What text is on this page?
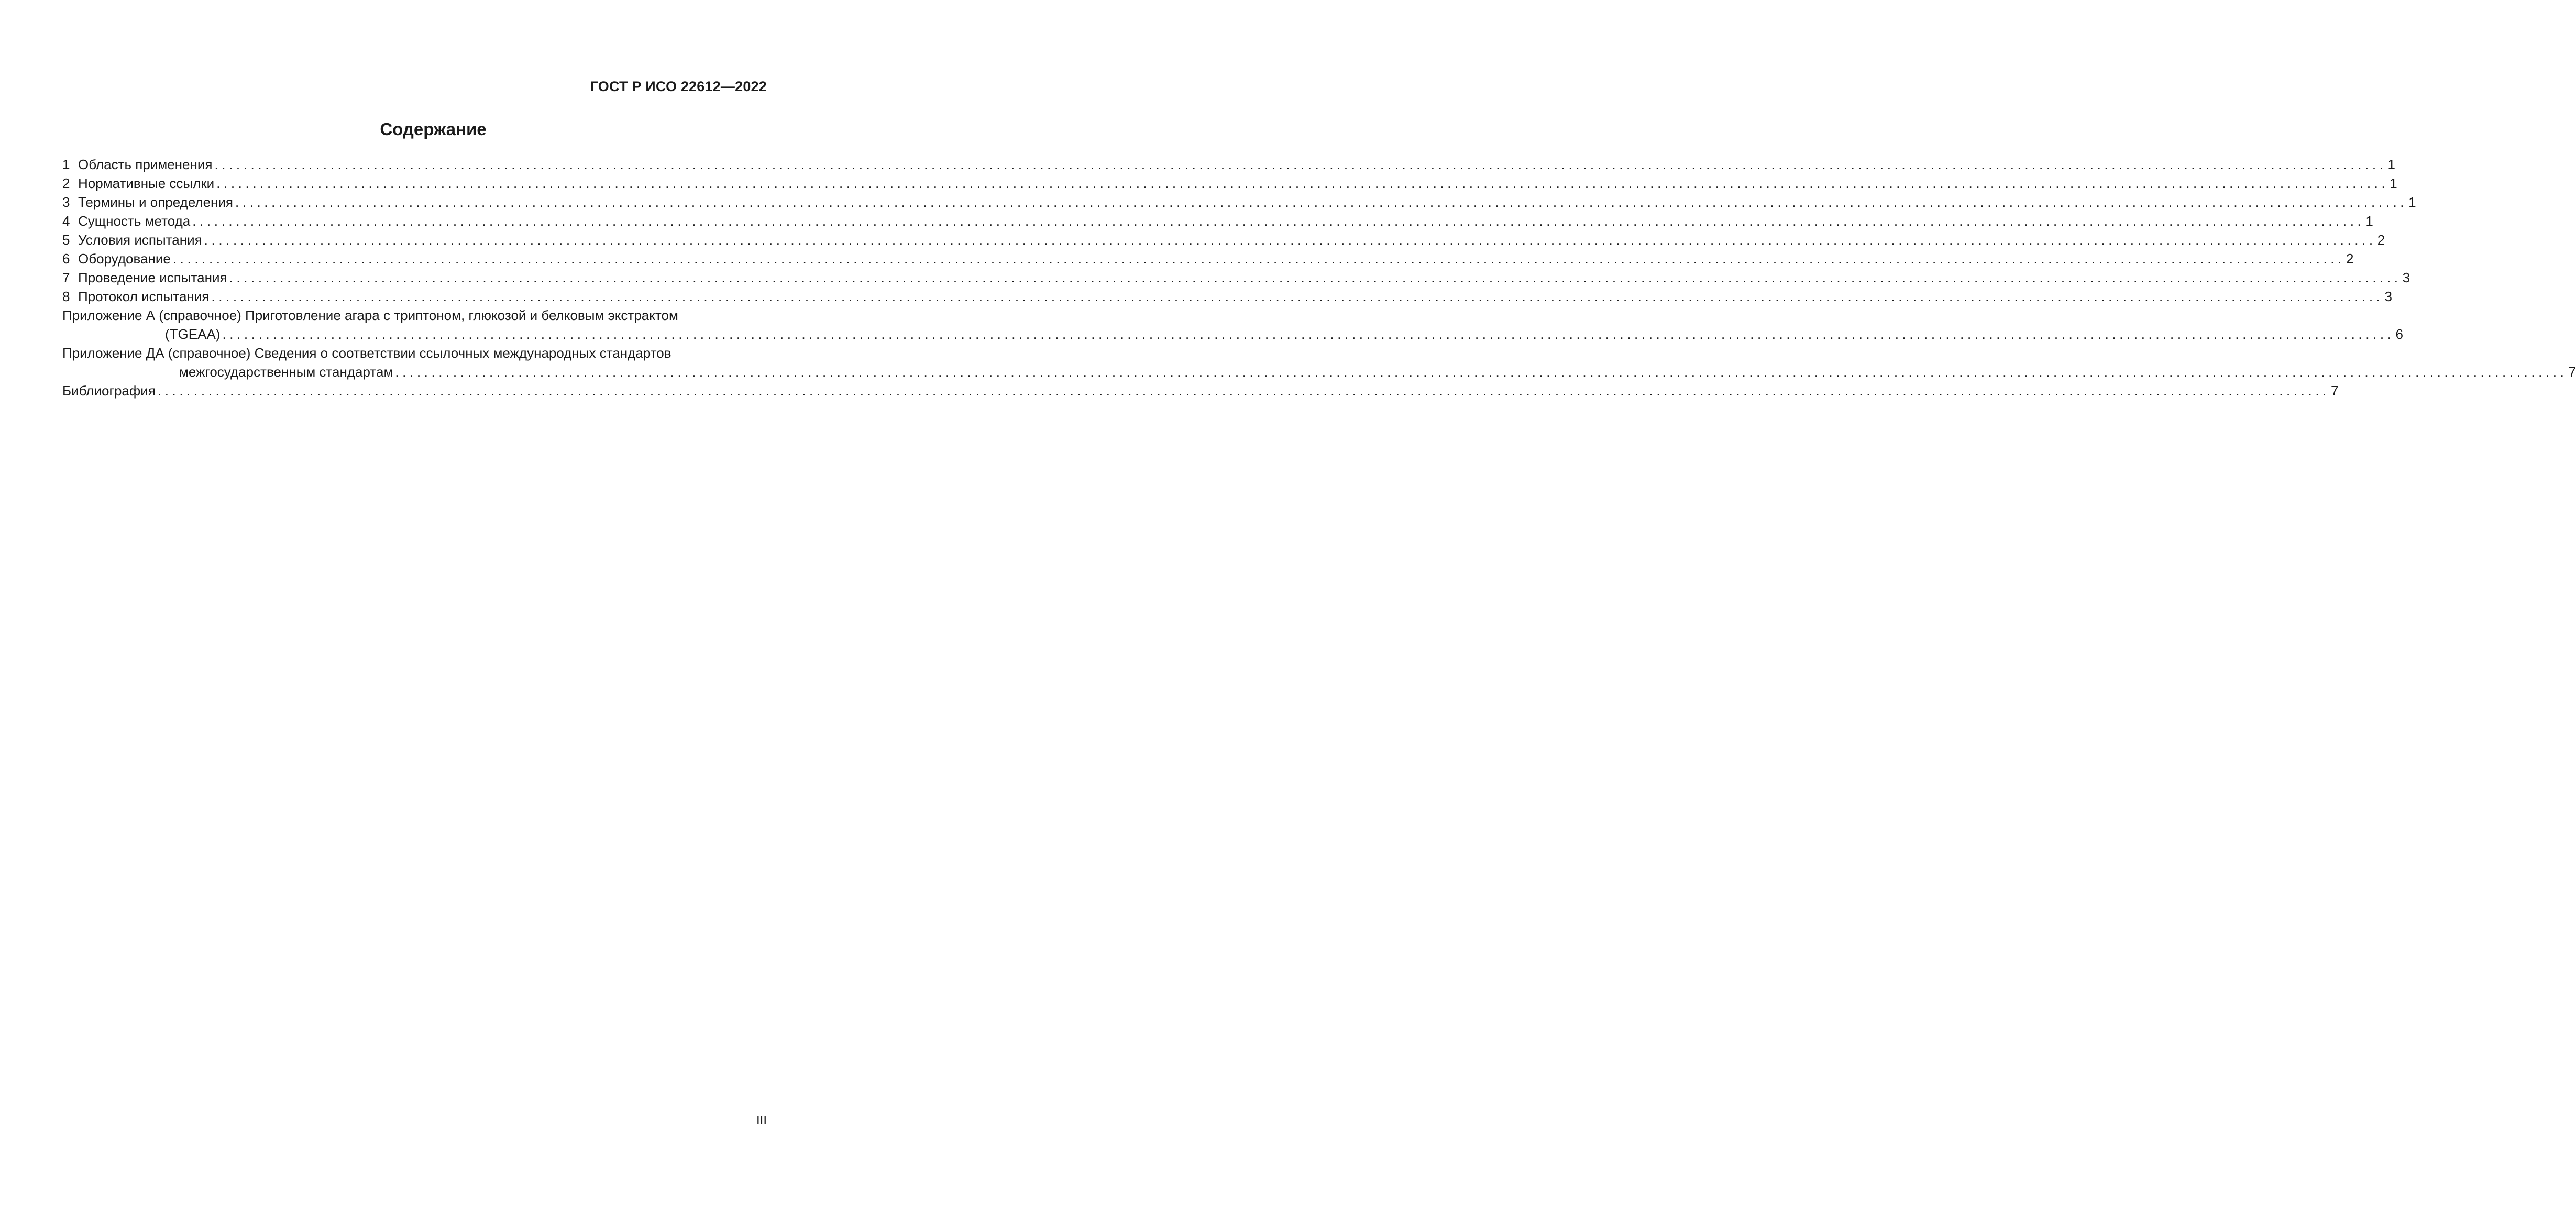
ГОСТ Р ИСО 22612—2022
Содержание
1 Область применения ............................................................................................................................................................................................................................................................................................................ 1
2 Нормативные ссылки ............................................................................................................................................................................................................................................................................................................ 1
3 Термины и определения ............................................................................................................................................................................................................................................................................................................ 1
4 Сущность метода ............................................................................................................................................................................................................................................................................................................ 1
5 Условия испытания ............................................................................................................................................................................................................................................................................................................ 2
6 Оборудование ............................................................................................................................................................................................................................................................................................................ 2
7 Проведение испытания ............................................................................................................................................................................................................................................................................................................ 3
8 Протокол испытания ............................................................................................................................................................................................................................................................................................................ 3
Приложение А (справочное) Приготовление агара с триптоном, глюкозой и белковым экстрактом
(TGEAA) ............................................................................................................................................................................................................................................................................................................ 6
Приложение ДА (справочное) Сведения о соответствии ссылочных международных стандартов
межгосударственным стандартам ............................................................................................................................................................................................................................................................................................................ 7
Библиография ............................................................................................................................................................................................................................................................................................................ 7
III
